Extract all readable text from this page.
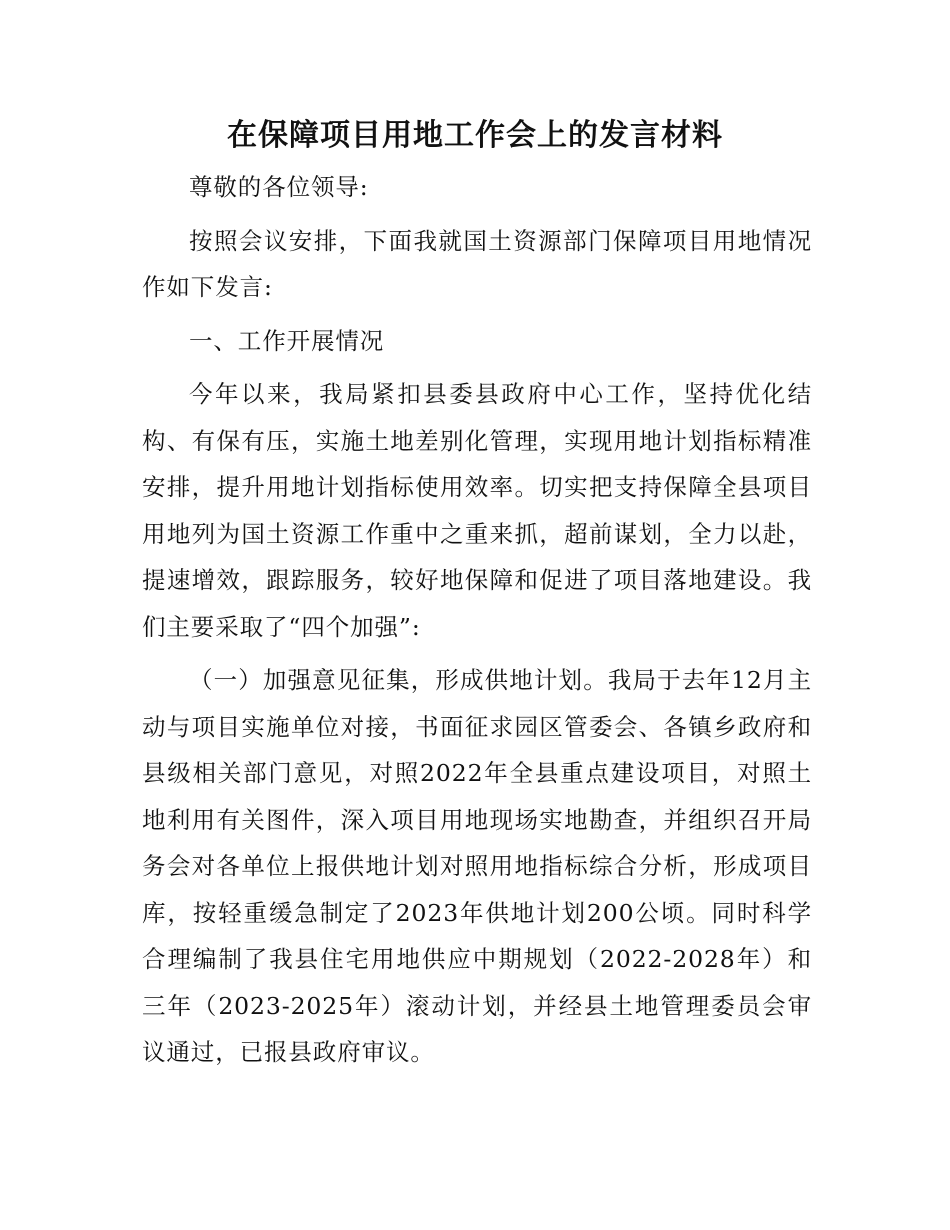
在保障项目用地工作会上的发言材料

尊敬的各位领导:

按照会议安排，下面我就国土资源部门保障项目用地情况作如下发言:

一、工作开展情况

今年以来，我局紧扣县委县政府中心工作，坚持优化结构、有保有压，实施土地差别化管理，实现用地计划指标精准安排，提升用地计划指标使用效率。切实把支持保障全县项目用地列为国土资源工作重中之重来抓，超前谋划，全力以赴，提速增效，跟踪服务，较好地保障和促进了项目落地建设。我们主要采取了“四个加强”:

（一）加强意见征集，形成供地计划。我局于去年12月主动与项目实施单位对接，书面征求园区管委会、各镇乡政府和县级相关部门意见，对照2022年全县重点建设项目，对照土地利用有关图件，深入项目用地现场实地勘查，并组织召开局务会对各单位上报供地计划对照用地指标综合分析，形成项目库，按轻重缓急制定了2023年供地计划200公顷。同时科学合理编制了我县住宅用地供应中期规划（2022-2028年）和三年（2023-2025年）滚动计划，并经县土地管理委员会审议通过，已报县政府审议。
